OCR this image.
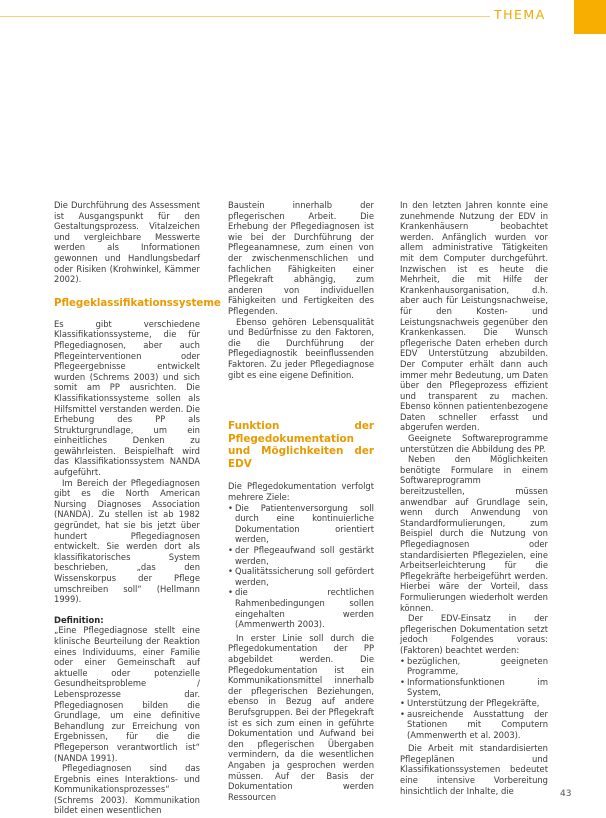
THEMA

Die Durchführung des Assessment ist Ausgangspunkt für den Gestaltungsprozess. Vitalzeichen und vergleichbare Messwerte werden als Informationen gewonnen und Handlungsbedarf oder Risiken (Krohwinkel, Kämmer 2002).

Pflegeklassifikationssysteme

Es gibt verschiedene Klassifikationssysteme, die für Pflegediagnosen, aber auch Pflegeinterventionen oder Pflegeergebnisse entwickelt wurden (Schrems 2003) und sich somit am PP ausrichten. Die Klassifikationssysteme sollen als Hilfsmittel verstanden werden. Die Erhebung des PP als Strukturgrundlage, um ein einheitliches Denken zu gewährleisten. Beispielhaft wird das Klassifikationssystem NANDA aufgeführt.

Im Bereich der Pflegediagnosen gibt es die North American Nursing Diagnoses Association (NANDA). Zu stellen ist ab 1982 gegründet, hat sie bis jetzt über hundert Pflegediagnosen entwickelt. Sie werden dort als klassifikatorisches System beschrieben, „das den Wissenskorpus der Pflege umschreiben soll“ (Hellmann 1999).

Definition:

„Eine Pflegediagnose stellt eine klinische Beurteilung der Reaktion eines Individuums, einer Familie oder einer Gemeinschaft auf aktuelle oder potenzielle Gesundheitsprobleme / Lebensprozesse dar. Pflegediagnosen bilden die Grundlage, um eine definitive Behandlung zur Erreichung von Ergebnissen, für die die Pflegeperson verantwortlich ist“ (NANDA 1991).

Pflegediagnosen sind das Ergebnis eines Interaktions- und Kommunikationsprozesses“ (Schrems 2003). Kommunikation bildet einen wesentlichen

Baustein innerhalb der pflegerischen Arbeit. Die Erhebung der Pflegediagnosen ist wie bei der Durchführung der Pflegeanamnese, zum einen von der zwischenmenschlichen und fachlichen Fähigkeiten einer Pflegekraft abhängig, zum anderen von individuellen Fähigkeiten und Fertigkeiten des Pflegenden.

Ebenso gehören Lebensqualität und Bedürfnisse zu den Faktoren, die die Durchführung der Pflegediagnostik beeinflussenden Faktoren. Zu jeder Pflegediagnose gibt es eine eigene Definition.

Funktion der Pflegedokumentation und Möglichkeiten der EDV

Die Pflegedokumentation verfolgt mehrere Ziele:

• Die Patientenversorgung soll durch eine kontinuierliche Dokumentation orientiert werden,
• der Pflegeaufwand soll gestärkt werden,
• Qualitätssicherung soll gefördert werden,
• die rechtlichen Rahmenbedingungen sollen eingehalten werden (Ammenwerth 2003).

In erster Linie soll durch die Pflegedokumentation der PP abgebildet werden. Die Pflegedokumentation ist ein Kommunikationsmittel innerhalb der pflegerischen Beziehungen, ebenso in Bezug auf andere Berufsgruppen. Bei der Pflegekraft ist es sich zum einen in geführte Dokumentation und Aufwand bei den pflegerischen Übergaben vermindern, da die wesentlichen Angaben ja gesprochen werden müssen. Auf der Basis der Dokumentation werden Ressourcen

In den letzten Jahren konnte eine zunehmende Nutzung der EDV in Krankenhäusern beobachtet werden. Anfänglich wurden vor allem administrative Tätigkeiten mit dem Computer durchgeführt. Inzwischen ist es heute die Mehrheit, die mit Hilfe der Krankenhausorganisation, d.h. aber auch für Leistungsnachweise, für den Kosten- und Leistungsnachweis gegenüber den Krankenkassen. Die Wunsch pflegerische Daten erheben durch EDV Unterstützung abzubilden. Der Computer erhält dann auch immer mehr Bedeutung, um Daten über den Pflegeprozess effizient und transparent zu machen. Ebenso können patientenbezogene Daten schneller erfasst und abgerufen werden.

Geeignete Softwareprogramme unterstützen die Abbildung des PP.

Neben den Möglichkeiten benötigte Formulare in einem Softwareprogramm bereitzustellen, müssen anwendbar auf Grundlage sein, wenn durch Anwendung von Standardformulierungen, zum Beispiel durch die Nutzung von Pflegediagnosen oder standardisierten Pflegezielen, eine Arbeitserleichterung für die Pflegekräfte herbeigeführt werden. Hierbei wäre der Vorteil, dass Formulierungen wiederholt werden können.

Der EDV-Einsatz in der pflegerischen Dokumentation setzt jedoch Folgendes voraus: (Faktoren) beachtet werden:

• bezüglichen, geeigneten Programme,
• Informationsfunktionen im System,
• Unterstützung der Pflegekräfte,
• ausreichende Ausstattung der Stationen mit Computern (Ammenwerth et al. 2003).

Die Arbeit mit standardisierten Pflegeplänen und Klassifikationssystemen bedeutet eine intensive Vorbereitung hinsichtlich der Inhalte, die	43
